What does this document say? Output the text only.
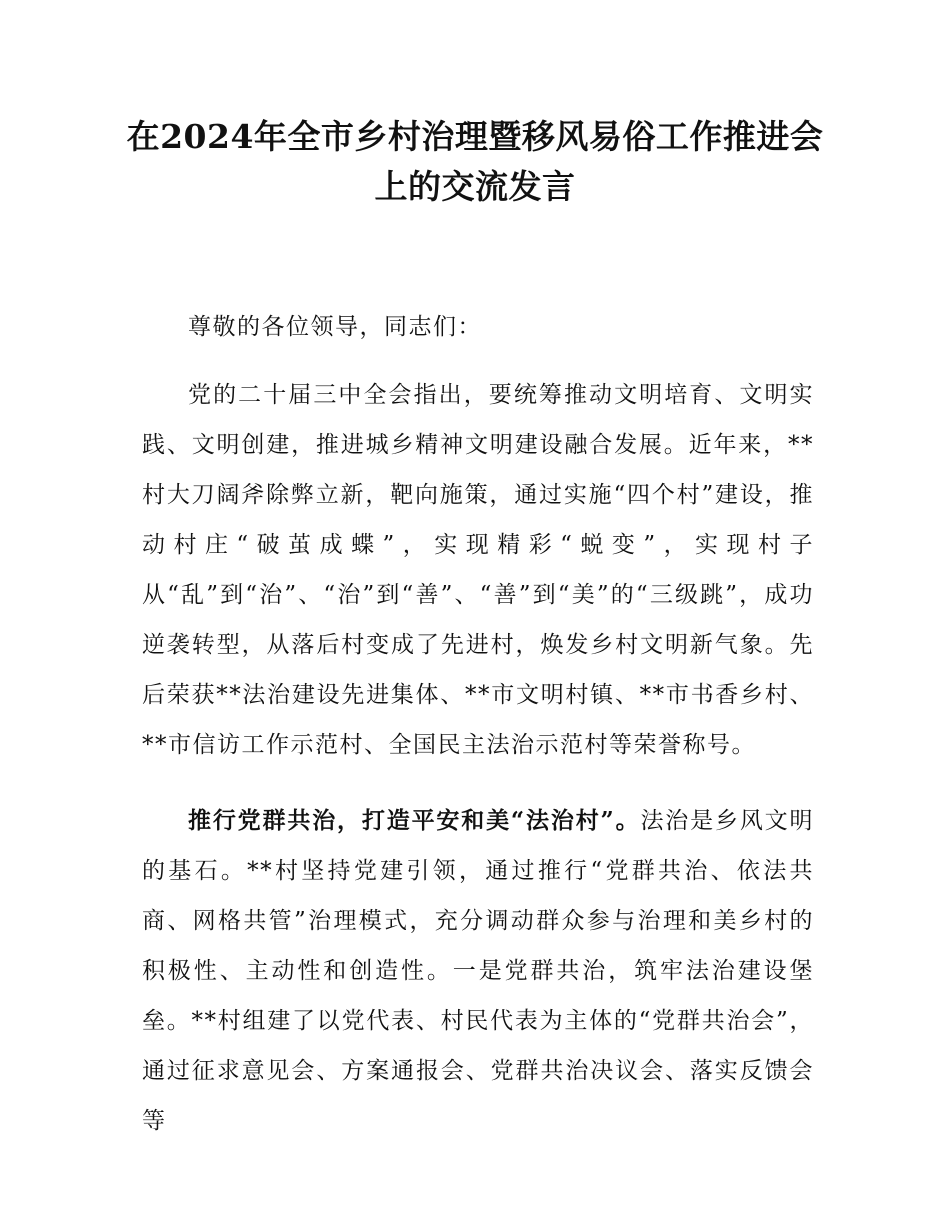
在2024年全市乡村治理暨移风易俗工作推进会上的交流发言

尊敬的各位领导，同志们：

党的二十届三中全会指出，要统筹推动文明培育、文明实践、文明创建，推进城乡精神文明建设融合发展。近年来，**村大刀阔斧除弊立新，靶向施策，通过实施“四个村”建设，推动村庄“破茧成蝶”，实现精彩“蜕变”，实现村子从“乱”到“治”、“治”到“善”、“善”到“美”的“三级跳”，成功逆袭转型，从落后村变成了先进村，焕发乡村文明新气象。先后荣获**法治建设先进集体、**市文明村镇、**市书香乡村、**市信访工作示范村、全国民主法治示范村等荣誉称号。

推行党群共治，打造平安和美“法治村”。法治是乡风文明的基石。**村坚持党建引领，通过推行“党群共治、依法共商、网格共管”治理模式，充分调动群众参与治理和美乡村的积极性、主动性和创造性。一是党群共治，筑牢法治建设堡垒。**村组建了以党代表、村民代表为主体的“党群共治会”，通过征求意见会、方案通报会、党群共治决议会、落实反馈会等
